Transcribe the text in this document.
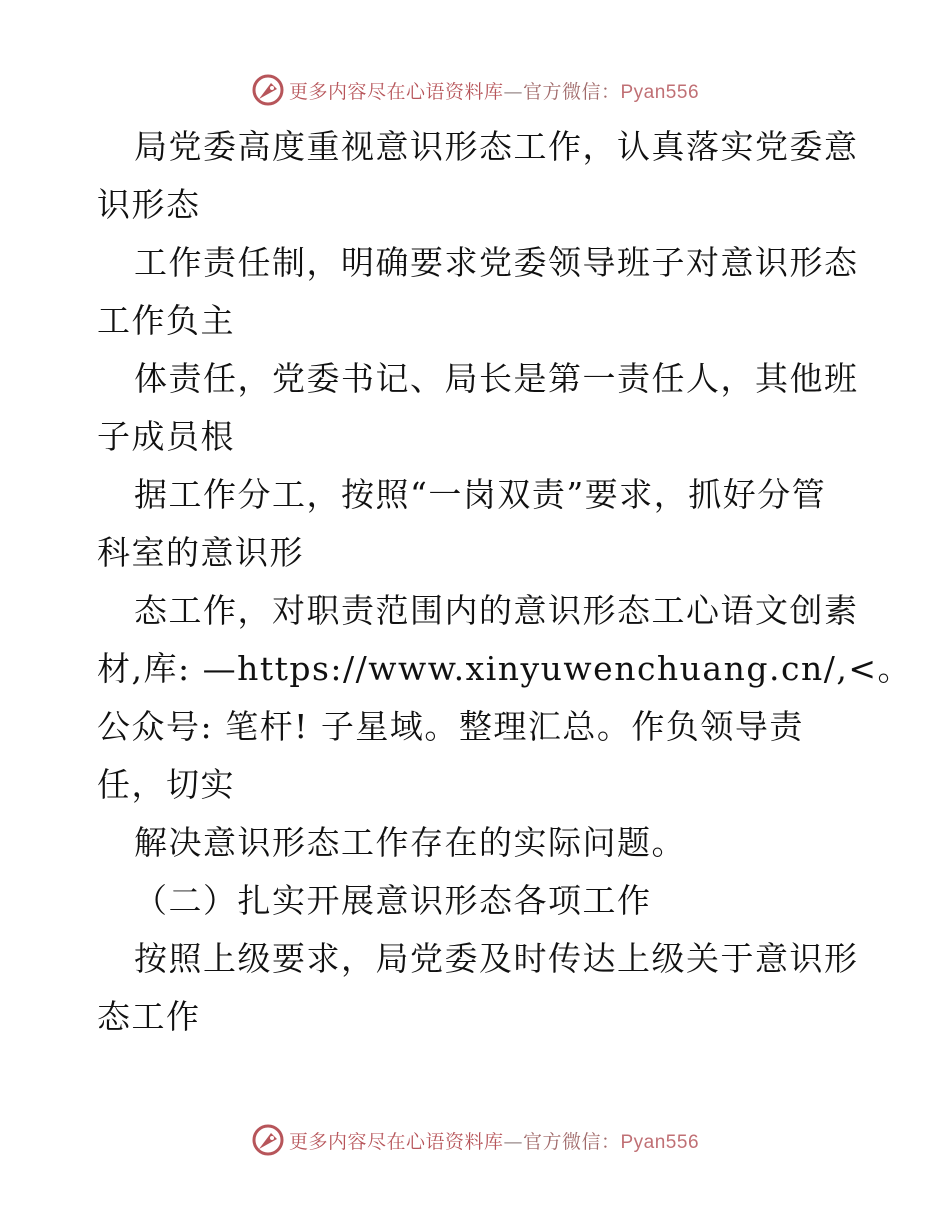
更多内容尽在心语资料库—官方微信：Pyan556
局党委高度重视意识形态工作，认真落实党委意
识形态
工作责任制，明确要求党委领导班子对意识形态
工作负主
体责任，党委书记、局长是第一责任人，其他班
子成员根
据工作分工，按照“一岗双责”要求，抓好分管
科室的意识形
态工作，对职责范围内的意识形态工心语文创素
材,库: —https://www.xinyuwenchuang.cn/,<。
公众号: 笔杆! 子星域。整理汇总。作负领导责
任，切实
解决意识形态工作存在的实际问题。
（二）扎实开展意识形态各项工作
按照上级要求，局党委及时传达上级关于意识形
态工作
更多内容尽在心语资料库—官方微信：Pyan556
